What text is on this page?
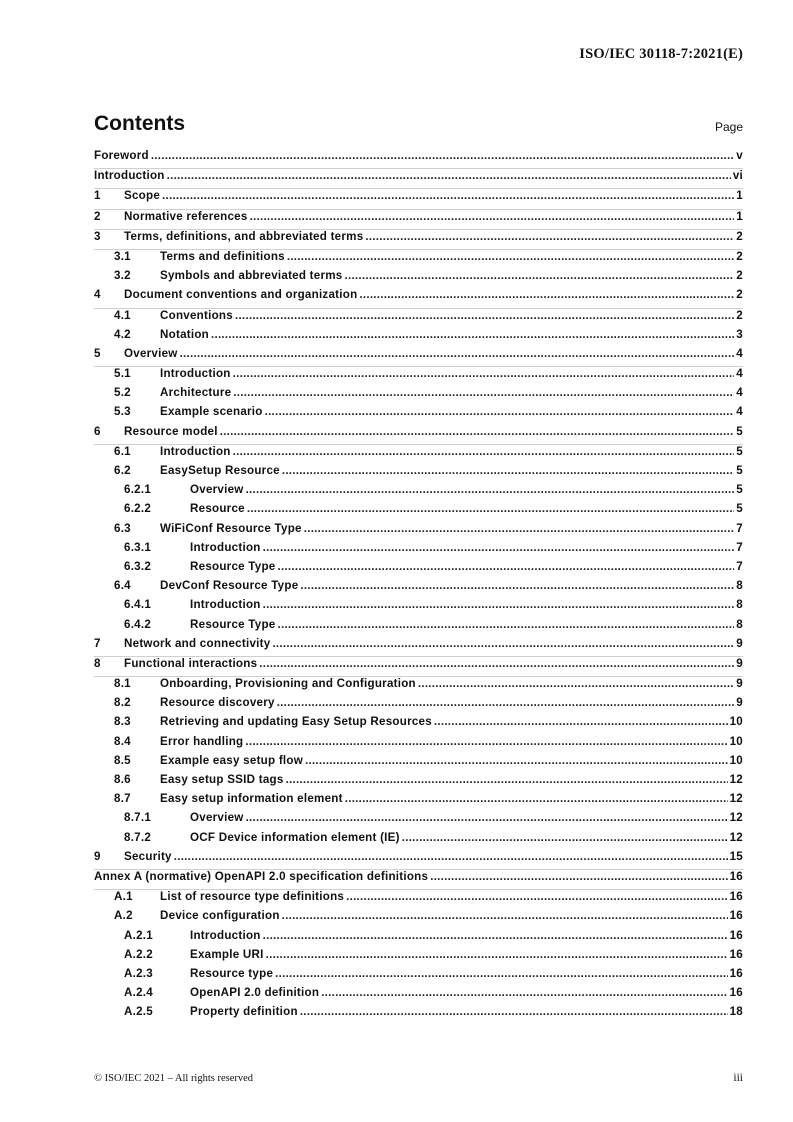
ISO/IEC 30118-7:2021(E)
Contents	Page
Foreword .....	v
Introduction .....	vi
1	Scope .....	1
2	Normative references .....	1
3	Terms, definitions, and abbreviated terms .....	2
3.1	Terms and definitions .....	2
3.2	Symbols and abbreviated terms .....	2
4	Document conventions and organization .....	2
4.1	Conventions .....	2
4.2	Notation .....	3
5	Overview .....	4
5.1	Introduction .....	4
5.2	Architecture .....	4
5.3	Example scenario .....	4
6	Resource model .....	5
6.1	Introduction .....	5
6.2	EasySetup Resource .....	5
6.2.1	Overview .....	5
6.2.2	Resource .....	5
6.3	WiFiConf Resource Type .....	7
6.3.1	Introduction .....	7
6.3.2	Resource Type .....	7
6.4	DevConf Resource Type .....	8
6.4.1	Introduction .....	8
6.4.2	Resource Type .....	8
7	Network and connectivity .....	9
8	Functional interactions .....	9
8.1	Onboarding, Provisioning and Configuration .....	9
8.2	Resource discovery .....	9
8.3	Retrieving and updating Easy Setup Resources .....	10
8.4	Error handling .....	10
8.5	Example easy setup flow .....	10
8.6	Easy setup SSID tags .....	12
8.7	Easy setup information element .....	12
8.7.1	Overview .....	12
8.7.2	OCF Device information element (IE) .....	12
9	Security .....	15
Annex A (normative) OpenAPI 2.0 specification definitions .....	16
A.1	List of resource type definitions .....	16
A.2	Device configuration .....	16
A.2.1	Introduction .....	16
A.2.2	Example URI .....	16
A.2.3	Resource type .....	16
A.2.4	OpenAPI 2.0 definition .....	16
A.2.5	Property definition .....	18
© ISO/IEC 2021 – All rights reserved	iii
